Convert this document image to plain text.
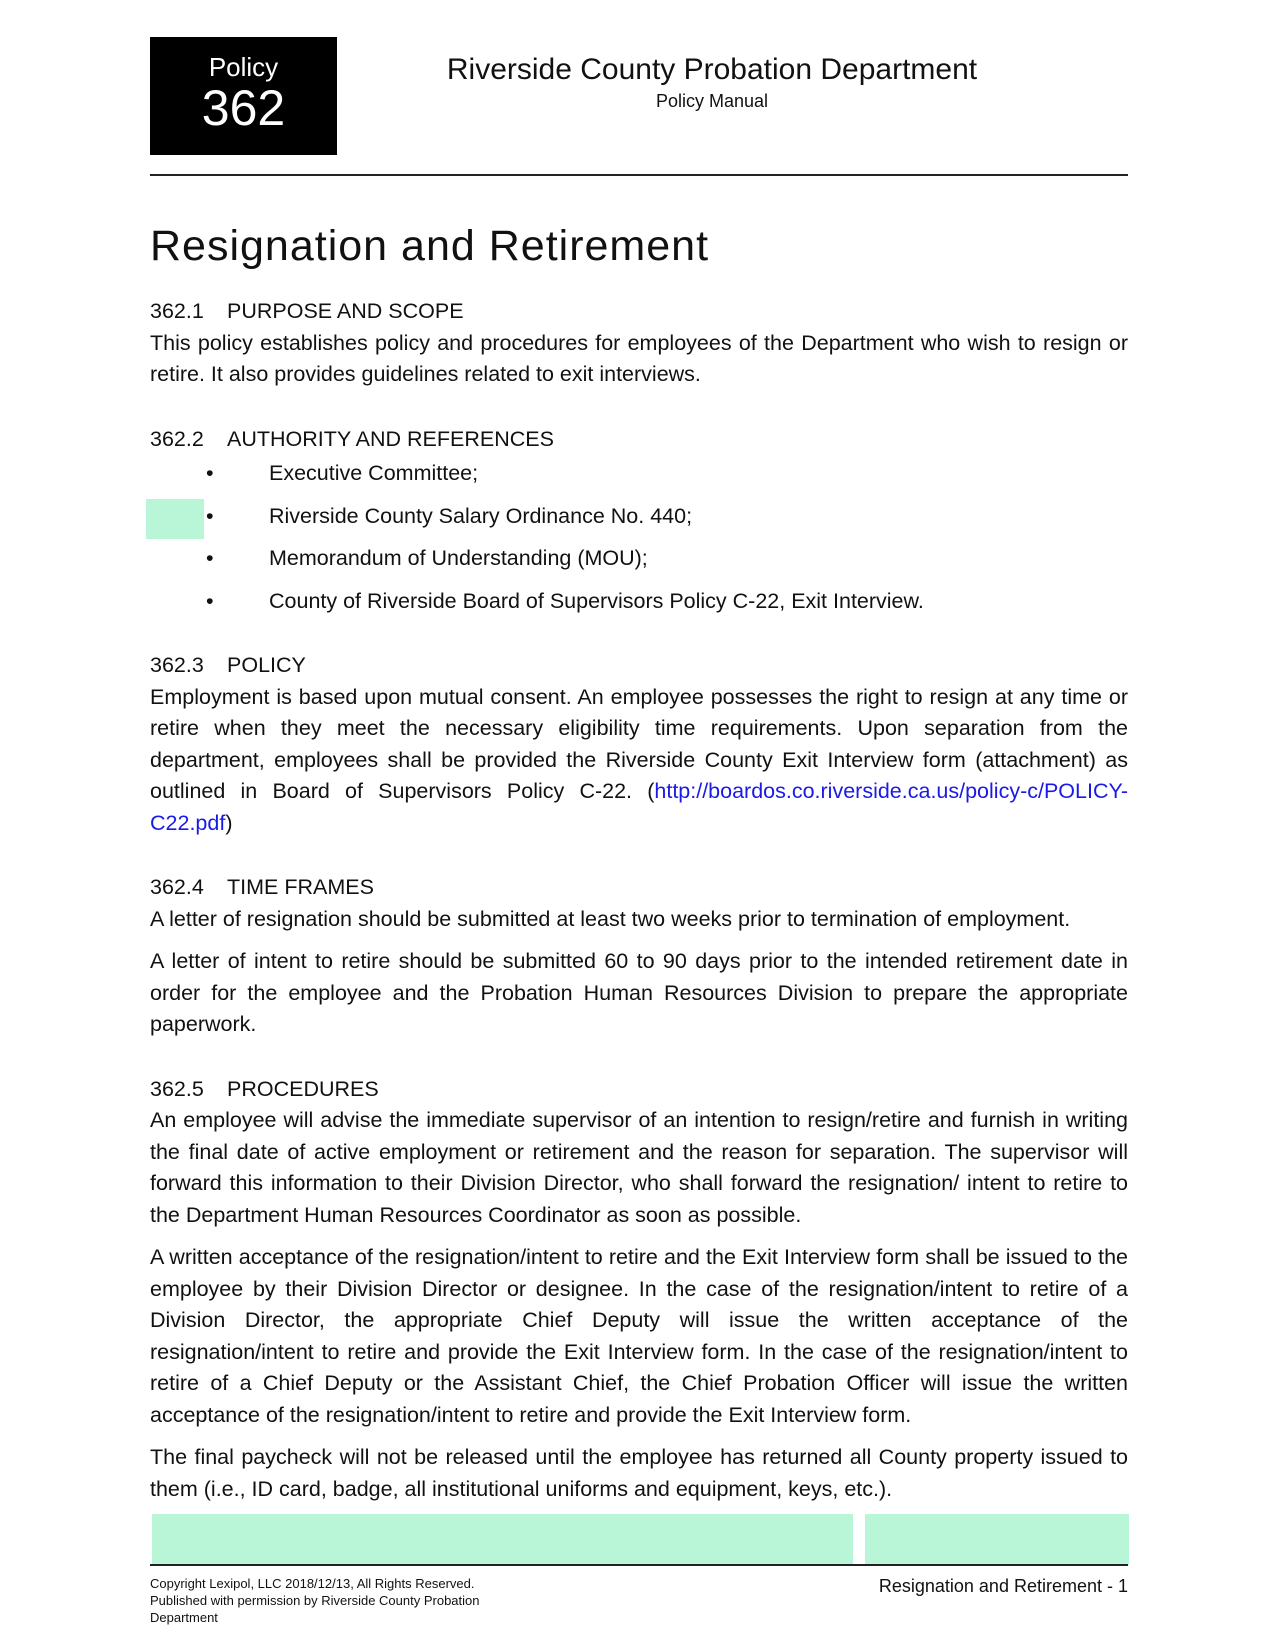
Policy
362
Riverside County Probation Department
Policy Manual
Resignation and Retirement
362.1 PURPOSE AND SCOPE

This policy establishes policy and procedures for employees of the Department who wish to resign or retire. It also provides guidelines related to exit interviews.

362.2 AUTHORITY AND REFERENCES
•	Executive Committee;
•	Riverside County Salary Ordinance No. 440;
•	Memorandum of Understanding (MOU);
•	County of Riverside Board of Supervisors Policy C-22, Exit Interview.
362.3 POLICY

Employment is based upon mutual consent. An employee possesses the right to resign at any time or retire when they meet the necessary eligibility time requirements. Upon separation from the department, employees shall be provided the Riverside County Exit Interview form (attachment) as outlined in Board of Supervisors Policy C-22. (http://boardos.co.riverside.ca.us/policy-c/POLICY-C22.pdf)

362.4 TIME FRAMES

A letter of resignation should be submitted at least two weeks prior to termination of employment.

A letter of intent to retire should be submitted 60 to 90 days prior to the intended retirement date in order for the employee and the Probation Human Resources Division to prepare the appropriate paperwork.

362.5 PROCEDURES

An employee will advise the immediate supervisor of an intention to resign/retire and furnish in writing the final date of active employment or retirement and the reason for separation. The supervisor will forward this information to their Division Director, who shall forward the resignation/ intent to retire to the Department Human Resources Coordinator as soon as possible.

A written acceptance of the resignation/intent to retire and the Exit Interview form shall be issued to the employee by their Division Director or designee. In the case of the resignation/intent to retire of a Division Director, the appropriate Chief Deputy will issue the written acceptance of the resignation/intent to retire and provide the Exit Interview form. In the case of the resignation/intent to retire of a Chief Deputy or the Assistant Chief, the Chief Probation Officer will issue the written acceptance of the resignation/intent to retire and provide the Exit Interview form.

The final paycheck will not be released until the employee has returned all County property issued to them (i.e., ID card, badge, all institutional uniforms and equipment, keys, etc.).

Copyright Lexipol, LLC 2018/12/13, All Rights Reserved.
Published with permission by Riverside County Probation
Department
Resignation and Retirement - 1
